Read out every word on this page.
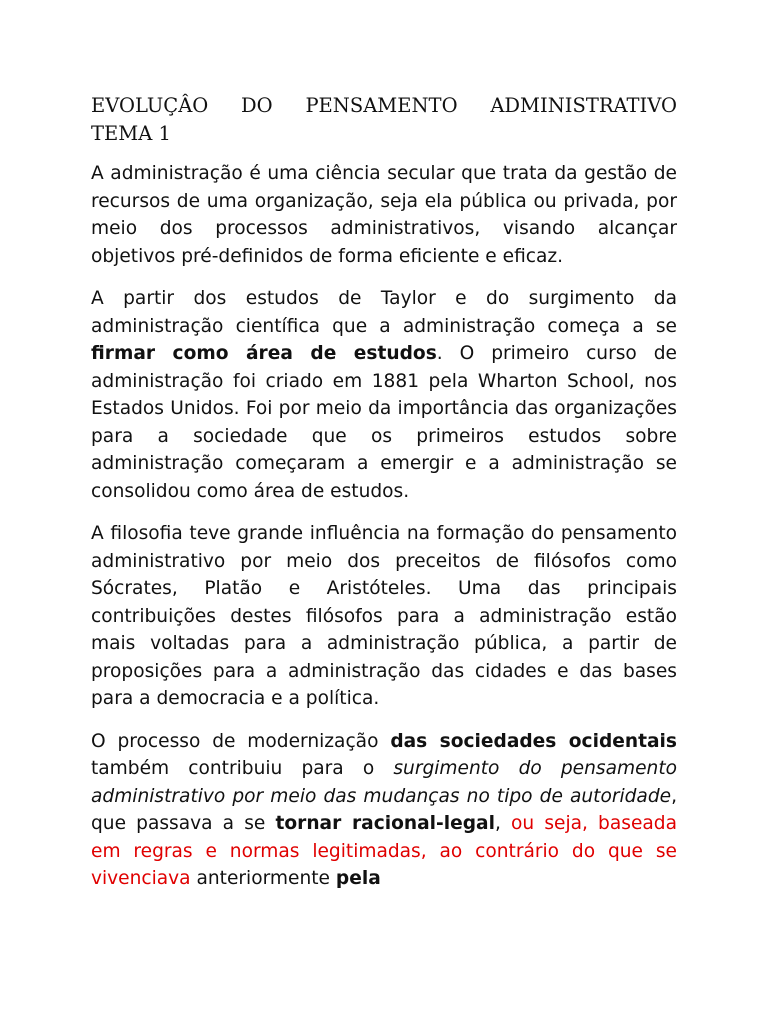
EVOLUÇÂO DO PENSAMENTO ADMINISTRATIVO
TEMA 1

A administração é uma ciência secular que trata da gestão de recursos de uma organização, seja ela pública ou privada, por meio dos processos administrativos, visando alcançar objetivos pré-definidos de forma eficiente e eficaz.

A partir dos estudos de Taylor e do surgimento da administração científica que a administração começa a se firmar como área de estudos. O primeiro curso de administração foi criado em 1881 pela Wharton School, nos Estados Unidos. Foi por meio da importância das organizações para a sociedade que os primeiros estudos sobre administração começaram a emergir e a administração se consolidou como área de estudos.

A filosofia teve grande influência na formação do pensamento administrativo por meio dos preceitos de filósofos como Sócrates, Platão e Aristóteles. Uma das principais contribuições destes filósofos para a administração estão mais voltadas para a administração pública, a partir de proposições para a administração das cidades e das bases para a democracia e a política.

O processo de modernização das sociedades ocidentais também contribuiu para o surgimento do pensamento administrativo por meio das mudanças no tipo de autoridade, que passava a se tornar racional-legal, ou seja, baseada em regras e normas legitimadas, ao contrário do que se vivenciava anteriormente pela
